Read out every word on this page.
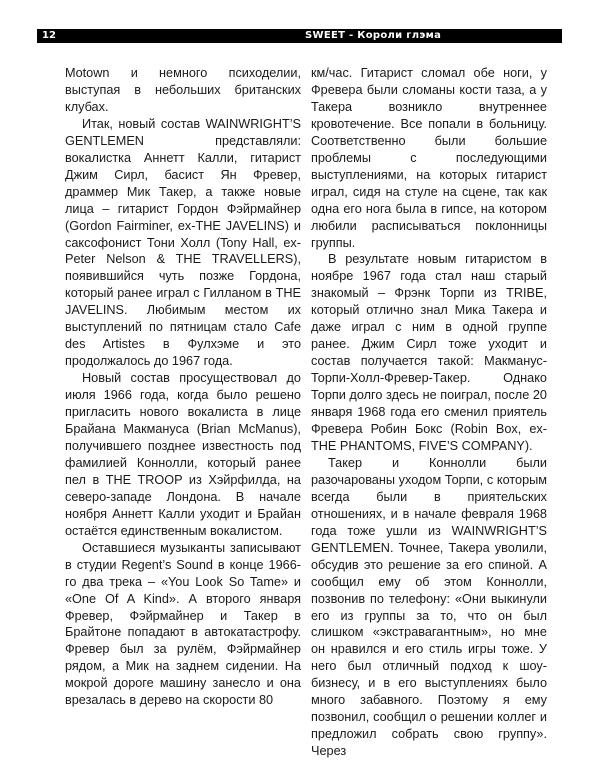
12	SWEET - Короли глэма

Motown и немного психоделии, выступая в небольших британских клубах.

Итак, новый состав WAINWRIGHT’S GENTLEMEN представляли: вокалистка Аннетт Калли, гитарист Джим Сирл, басист Ян Фревер, драммер Мик Такер, а также новые лица – гитарист Гордон Фэйрмайнер (Gordon Fairminer, ex-THE JAVELINS) и саксофонист Тони Холл (Tony Hall, ex-Peter Nelson & THE TRAVELLERS), появившийся чуть позже Гордона, который ранее играл с Гилланом в THE JAVELINS. Любимым местом их выступлений по пятницам стало Cafe des Artistes в Фулхэме и это продолжалось до 1967 года.

Новый состав просуществовал до июля 1966 года, когда было решено пригласить нового вокалиста в лице Брайана Макмануса (Brian McManus), получившего позднее известность под фамилией Коннолли, который ранее пел в THE TROOP из Хэйрфилда, на северо-западе Лондона. В начале ноября Аннетт Калли уходит и Брайан остаётся единственным вокалистом.

Оставшиеся музыканты записывают в студии Regent’s Sound в конце 1966-го два трека – «You Look So Tame» и «One Of A Kind». А второго января Фревер, Фэйрмайнер и Такер в Брайтоне попадают в автокатастрофу. Фревер был за рулём, Фэйрмайнер рядом, а Мик на заднем сидении. На мокрой дороге машину занесло и она врезалась в дерево на скорости 80

км/час. Гитарист сломал обе ноги, у Фревера были сломаны кости таза, а у Такера возникло внутреннее кровотечение. Все попали в больницу. Соответственно были большие проблемы с последующими выступлениями, на которых гитарист играл, сидя на стуле на сцене, так как одна его нога была в гипсе, на котором любили расписываться поклонницы группы.

В результате новым гитаристом в ноябре 1967 года стал наш старый знакомый – Фрэнк Торпи из TRIBE, который отлично знал Мика Такера и даже играл с ним в одной группе ранее. Джим Сирл тоже уходит и состав получается такой: Макманус-Торпи-Холл-Фревер-Такер. Однако Торпи долго здесь не поиграл, после 20 января 1968 года его сменил приятель Фревера Робин Бокс (Robin Box, ex-THE PHANTOMS, FIVE’S COMPANY).

Такер и Коннолли были разочарованы уходом Торпи, с которым всегда были в приятельских отношениях, и в начале февраля 1968 года тоже ушли из WAINWRIGHT’S GENTLEMEN. Точнее, Такера уволили, обсудив это решение за его спиной. А сообщил ему об этом Коннолли, позвонив по телефону: «Они выкинули его из группы за то, что он был слишком «экстравагантным», но мне он нравился и его стиль игры тоже. У него был отличный подход к шоу-бизнесу, и в его выступлениях было много забавного. Поэтому я ему позвонил, сообщил о решении коллег и предложил собрать свою группу». Через
